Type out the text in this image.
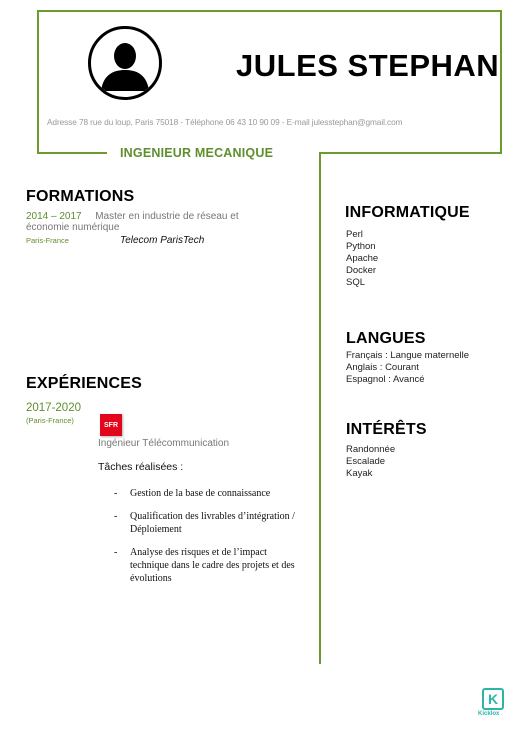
JULES STEPHAN
Adresse 78 rue du loup, Paris 75018 - Téléphone 06 43 10 90 09 - E-mail julesstephan@gmail.com
INGENIEUR MECANIQUE
FORMATIONS
2014 – 2017 Master en industrie de réseau et économie numérique
Paris-France	Telecom ParisTech
EXPÉRIENCES
2017-2020
(Paris-France)	SFR
Ingénieur Télécommunication
Tâches réalisées :
- Gestion de la base de connaissance
- Qualification des livrables d’intégration / Déploiement
- Analyse des risques et de l’impact technique dans le cadre des projets et des évolutions
INFORMATIQUE
Perl
Python
Apache
Docker
SQL
LANGUES
Français : Langue maternelle
Anglais : Courant
Espagnol : Avancé
INTÉRÊTS
Randonnée
Escalade
Kayak
K
Kicklox
